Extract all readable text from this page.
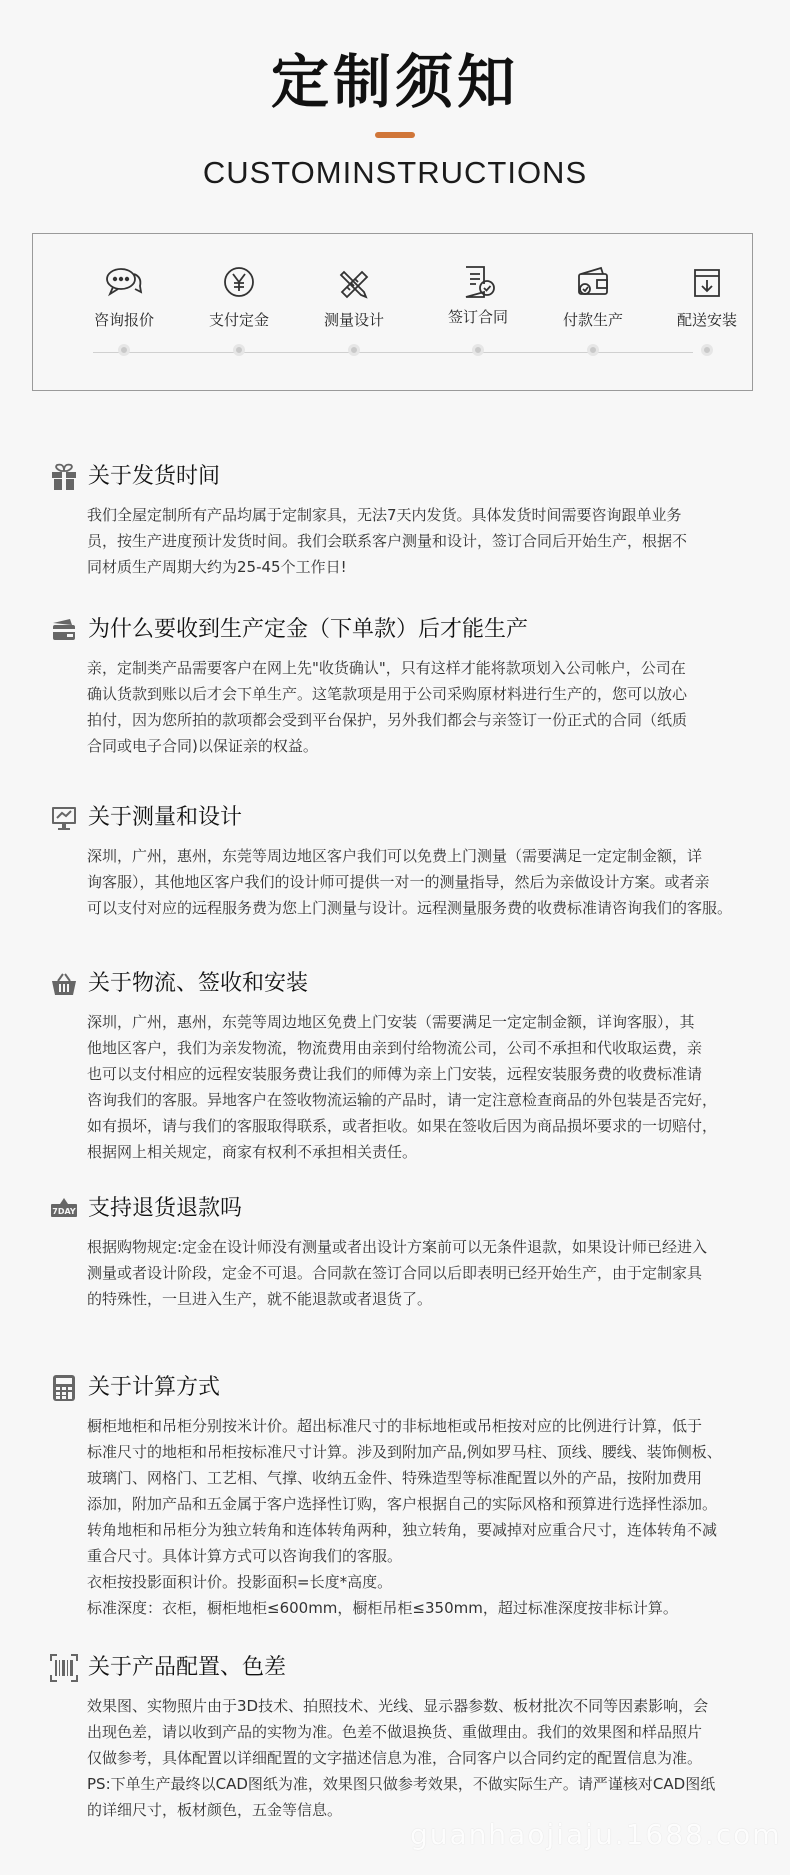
定制须知
CUSTOMINSTRUCTIONS
咨询报价	支付定金	测量设计	签订合同	付款生产	配送安装
关于发货时间

我们全屋定制所有产品均属于定制家具，无法7天内发货。具体发货时间需要咨询跟单业务

员，按生产进度预计发货时间。我们会联系客户测量和设计，签订合同后开始生产，根据不

同材质生产周期大约为25-45个工作日!

为什么要收到生产定金（下单款）后才能生产

亲，定制类产品需要客户在网上先"收货确认"，只有这样才能将款项划入公司帐户，公司在

确认货款到账以后才会下单生产。这笔款项是用于公司采购原材料进行生产的，您可以放心

拍付，因为您所拍的款项都会受到平台保护，另外我们都会与亲签订一份正式的合同（纸质

合同或电子合同)以保证亲的权益。

关于测量和设计

深圳，广州，惠州，东莞等周边地区客户我们可以免费上门测量（需要满足一定定制金额，详

询客服），其他地区客户我们的设计师可提供一对一的测量指导，然后为亲做设计方案。或者亲

可以支付对应的远程服务费为您上门测量与设计。远程测量服务费的收费标准请咨询我们的客服。

关于物流、签收和安装

深圳，广州，惠州，东莞等周边地区免费上门安装（需要满足一定定制金额，详询客服），其

他地区客户，我们为亲发物流，物流费用由亲到付给物流公司，公司不承担和代收取运费，亲

也可以支付相应的远程安装服务费让我们的师傅为亲上门安装，远程安装服务费的收费标准请

咨询我们的客服。异地客户在签收物流运输的产品时，请一定注意检查商品的外包装是否完好，

如有损坏，请与我们的客服取得联系，或者拒收。如果在签收后因为商品损坏要求的一切赔付，

根据网上相关规定，商家有权利不承担相关责任。

7DAY 支持退货退款吗

根据购物规定:定金在设计师没有测量或者出设计方案前可以无条件退款，如果设计师已经进入

测量或者设计阶段，定金不可退。合同款在签订合同以后即表明已经开始生产，由于定制家具

的特殊性，一旦进入生产，就不能退款或者退货了。

关于计算方式

橱柜地柜和吊柜分别按米计价。超出标准尺寸的非标地柜或吊柜按对应的比例进行计算，低于

标准尺寸的地柜和吊柜按标准尺寸计算。涉及到附加产品,例如罗马柱、顶线、腰线、装饰侧板、

玻璃门、网格门、工艺相、气撑、收纳五金件、特殊造型等标准配置以外的产品，按附加费用

添加，附加产品和五金属于客户选择性订购，客户根据自己的实际风格和预算进行选择性添加。

转角地柜和吊柜分为独立转角和连体转角两种，独立转角，要减掉对应重合尺寸，连体转角不减

重合尺寸。具体计算方式可以咨询我们的客服。

衣柜按投影面积计价。投影面积=长度*高度。

标准深度：衣柜，橱柜地柜≤600mm，橱柜吊柜≤350mm，超过标准深度按非标计算。

关于产品配置、色差

效果图、实物照片由于3D技术、拍照技术、光线、显示器参数、板材批次不同等因素影响，会

出现色差，请以收到产品的实物为准。色差不做退换货、重做理由。我们的效果图和样品照片

仅做参考，具体配置以详细配置的文字描述信息为准，合同客户以合同约定的配置信息为准。

PS:下单生产最终以CAD图纸为准，效果图只做参考效果，不做实际生产。请严谨核对CAD图纸

的详细尺寸，板材颜色，五金等信息。

guanhaojiaju.1688.com
